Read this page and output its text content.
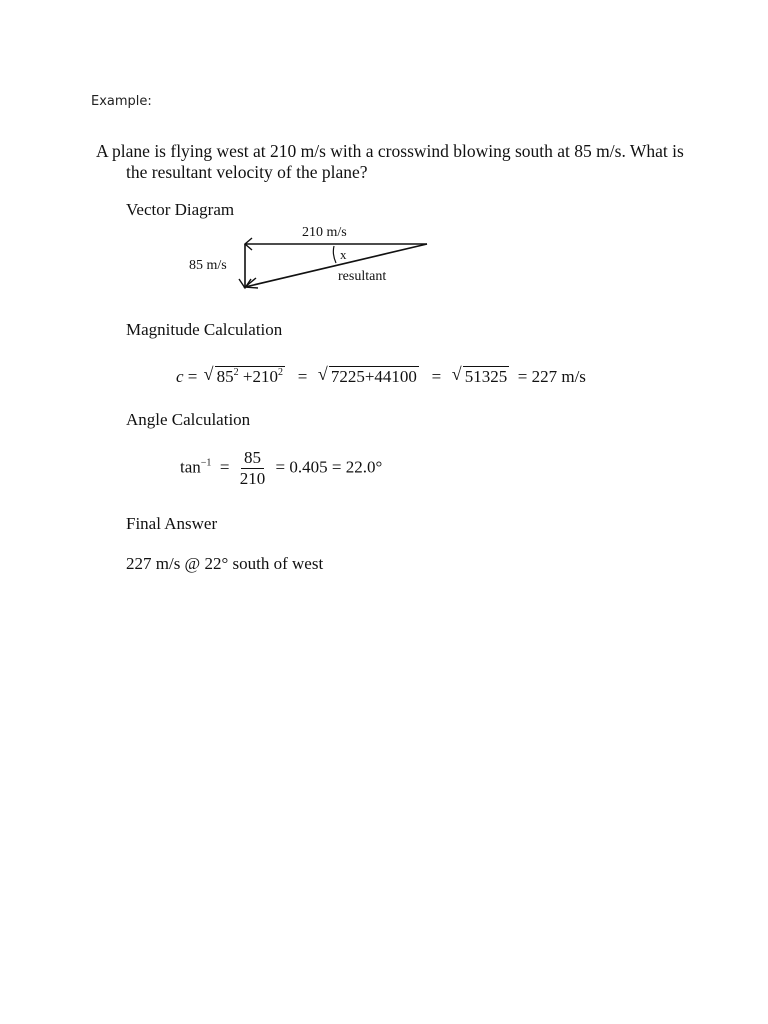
Example:
A plane is flying west at 210 m/s with a crosswind blowing south at 85 m/s. What is
the resultant velocity of the plane?
Vector Diagram
210 m/s
85 m/s
x
resultant
Magnitude Calculation
c = √ $85^2 +210^2$ = √ 7225+44100 = √ 51325 = 227 m/s
Angle Calculation
$\tan^{-1} = \frac{85}{210} = 0.405 = 22.0^\circ$
Final Answer
227 m/s @ 22° south of west
